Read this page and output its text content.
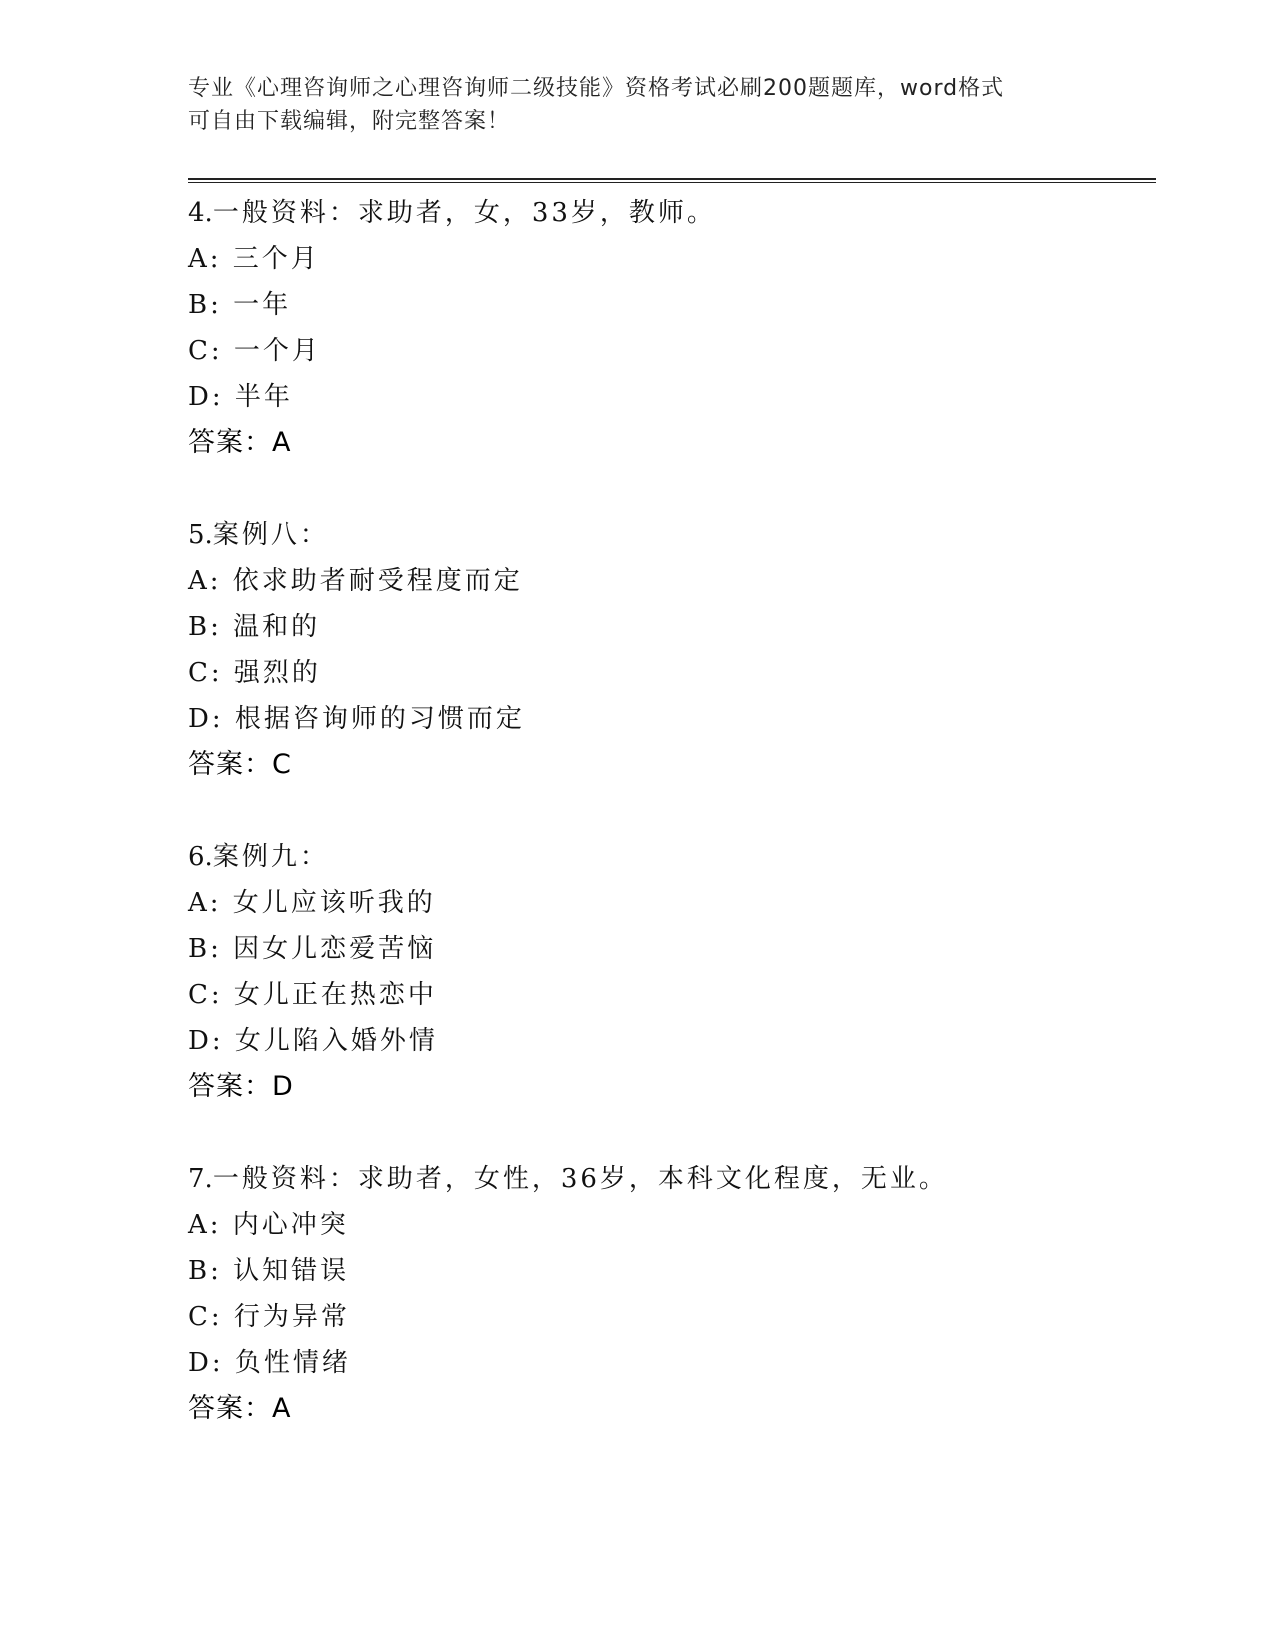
专业《心理咨询师之心理咨询师二级技能》资格考试必刷200题题库，word格式
可自由下载编辑，附完整答案！
4.一般资料：求助者，女，33岁，教师。
A: 三个月
B: 一年
C: 一个月
D: 半年
答案：A
5.案例八：
A: 依求助者耐受程度而定
B: 温和的
C: 强烈的
D: 根据咨询师的习惯而定
答案：C
6.案例九：
A: 女儿应该听我的
B: 因女儿恋爱苦恼
C: 女儿正在热恋中
D: 女儿陷入婚外情
答案：D
7.一般资料：求助者，女性，36岁，本科文化程度，无业。
A: 内心冲突
B: 认知错误
C: 行为异常
D: 负性情绪
答案：A
